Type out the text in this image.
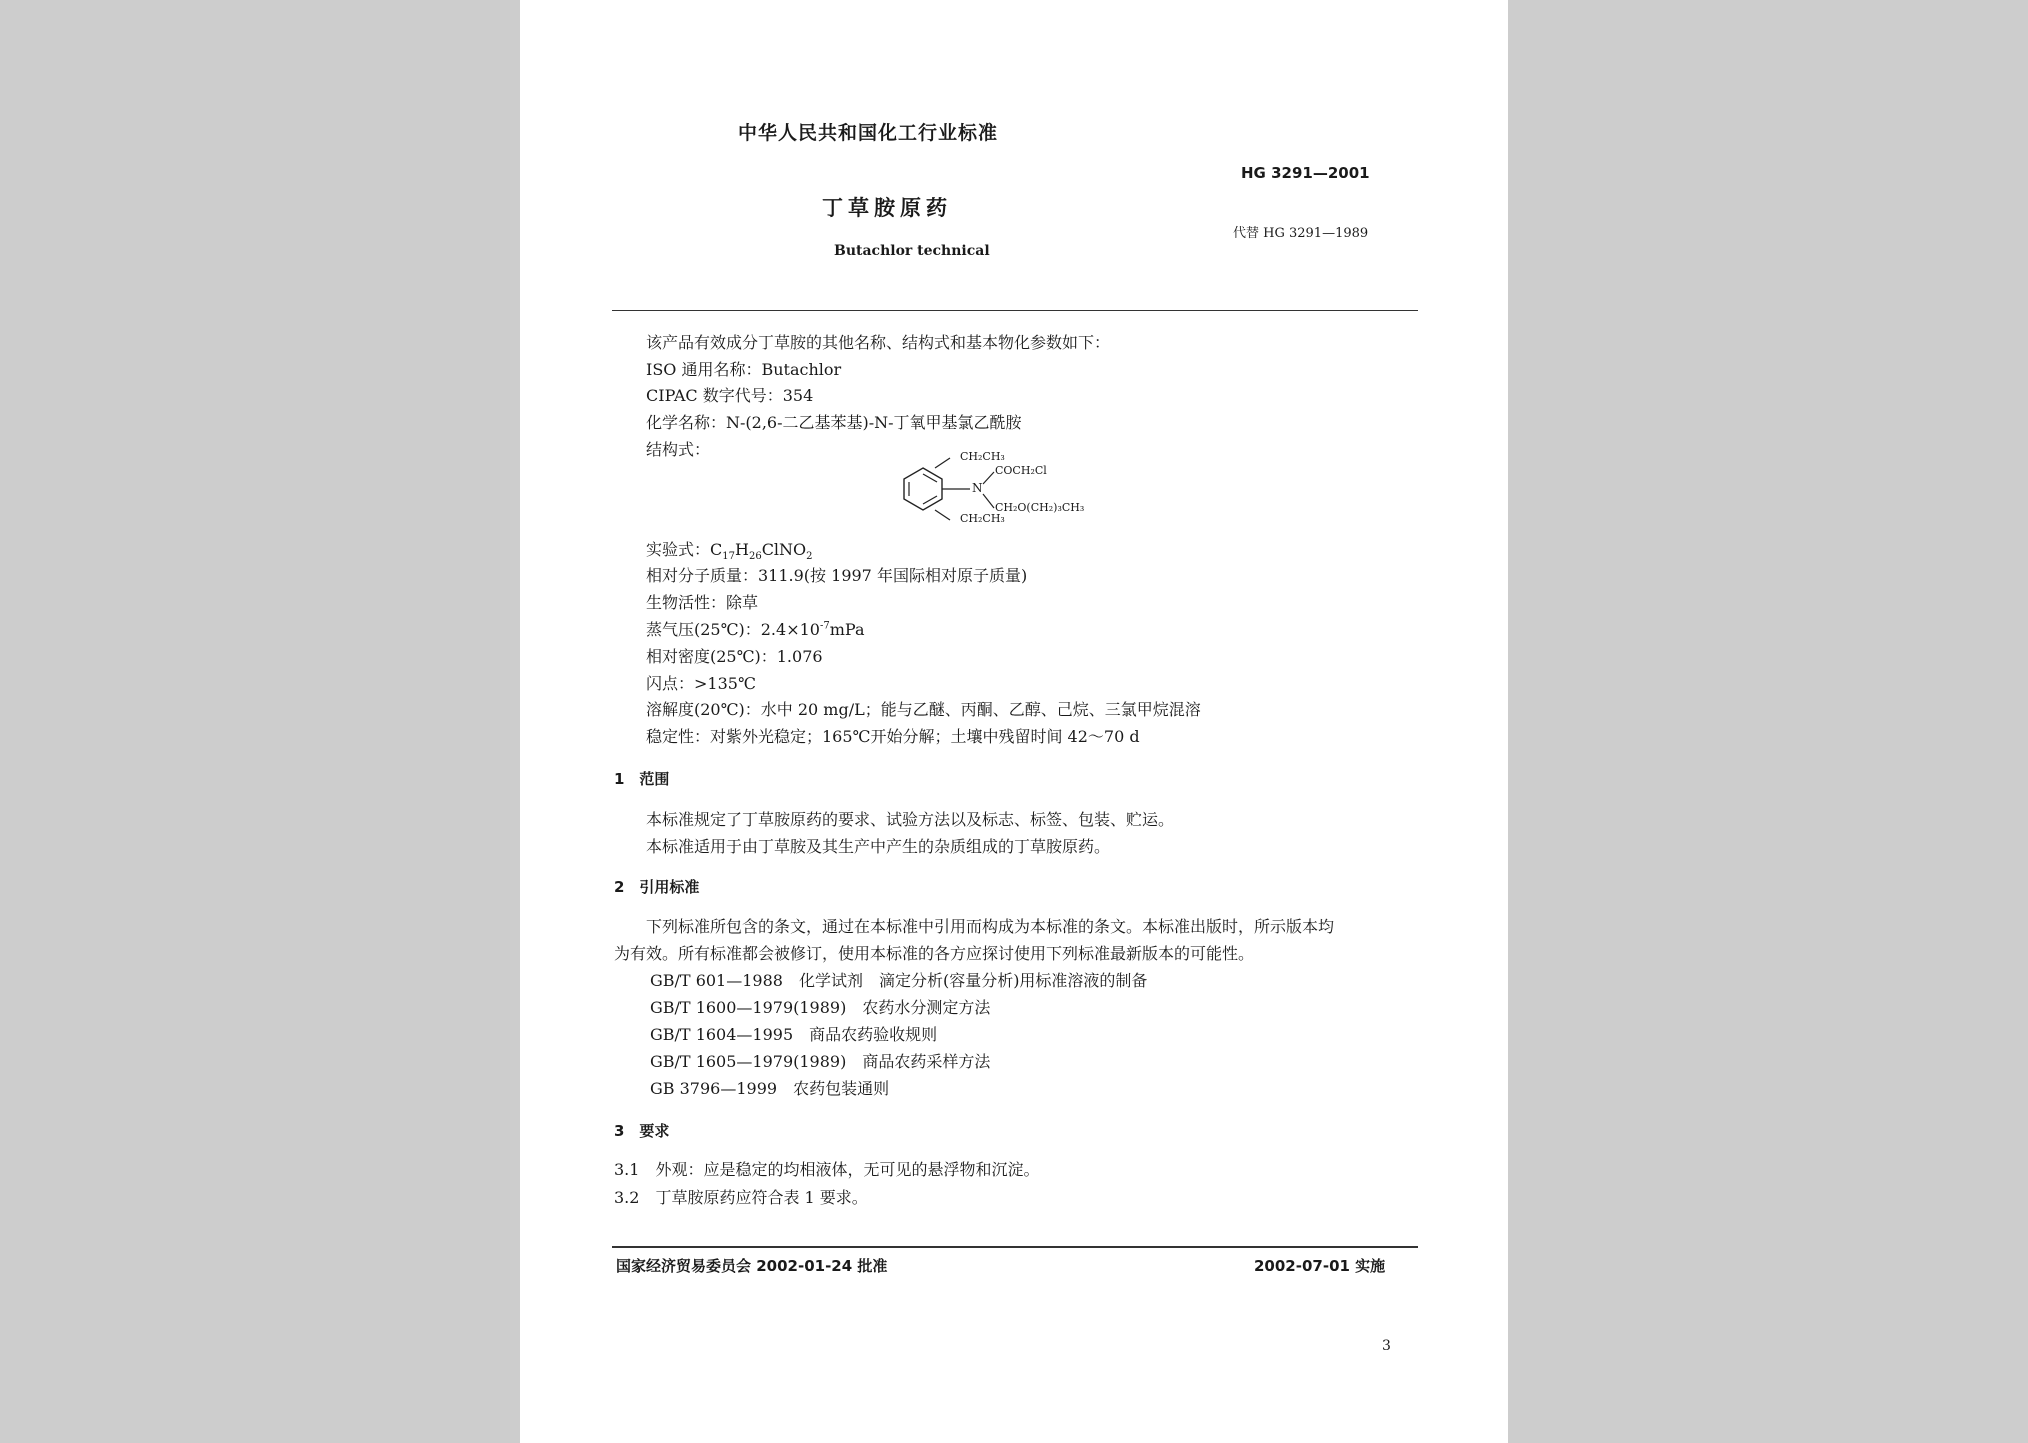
中华人民共和国化工行业标准
HG 3291—2001
丁草胺原药
代替 HG 3291—1989
Butachlor technical
该产品有效成分丁草胺的其他名称、结构式和基本物化参数如下：
ISO 通用名称：Butachlor
CIPAC 数字代号：354
化学名称：N-(2,6-二乙基苯基)-N-丁氧甲基氯乙酰胺
结构式：	CH₂CH₃
COCH₂Cl
N
CH₂CH₃
CH₂O(CH₂)₃CH₃
实验式：$C_{17}H_{26}ClNO_2$
相对分子质量：311.9(按 1997 年国际相对原子质量)
生物活性：除草
蒸气压(25℃)：$2.4\times 10^{-7}mPa$
相对密度(25℃)：1.076
闪点：>135℃
溶解度(20℃)：水中 20 mg/L；能与乙醚、丙酮、乙醇、己烷、三氯甲烷混溶
稳定性：对紫外光稳定；165℃开始分解；土壤中残留时间 42～70 d
1　范围
本标准规定了丁草胺原药的要求、试验方法以及标志、标签、包装、贮运。
本标准适用于由丁草胺及其生产中产生的杂质组成的丁草胺原药。
2　引用标准
下列标准所包含的条文，通过在本标准中引用而构成为本标准的条文。本标准出版时，所示版本均
为有效。所有标准都会被修订，使用本标准的各方应探讨使用下列标准最新版本的可能性。
GB/T 601—1988　化学试剂　滴定分析(容量分析)用标准溶液的制备
GB/T 1600—1979(1989)　农药水分测定方法
GB/T 1604—1995　商品农药验收规则
GB/T 1605—1979(1989)　商品农药采样方法
GB 3796—1999　农药包装通则
3　要求
3.1　外观：应是稳定的均相液体，无可见的悬浮物和沉淀。
3.2　丁草胺原药应符合表 1 要求。
国家经济贸易委员会 2002-01-24 批准	2002-07-01 实施
3
